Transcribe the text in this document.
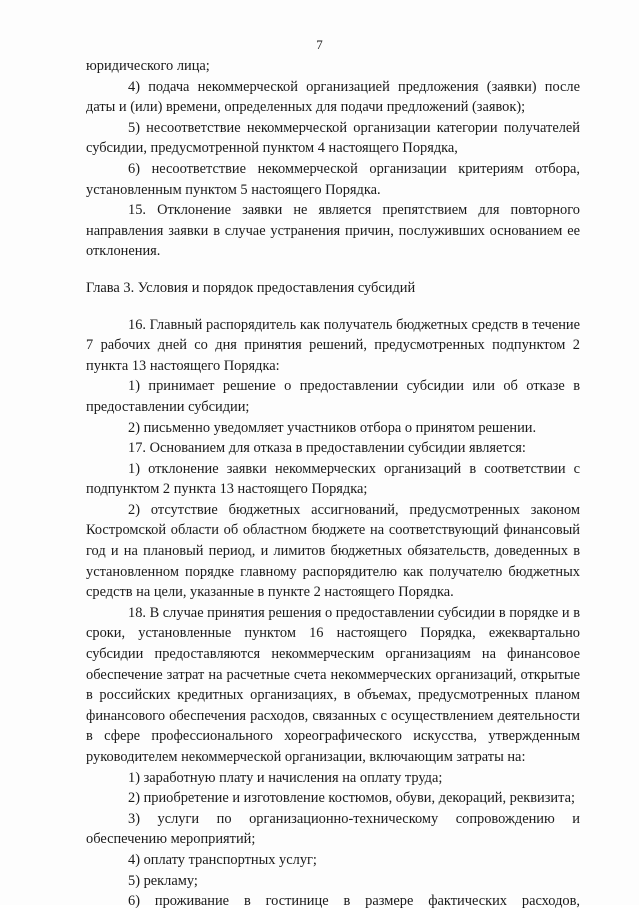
7

юридического лица;

4) подача некоммерческой организацией предложения (заявки) после даты и (или) времени, определенных для подачи предложений (заявок);

5) несоответствие некоммерческой организации категории получателей субсидии, предусмотренной пунктом 4 настоящего Порядка,

6) несоответствие некоммерческой организации критериям отбора, установленным пунктом 5 настоящего Порядка.

15. Отклонение заявки не является препятствием для повторного направления заявки в случае устранения причин, послуживших основанием ее отклонения.

Глава 3. Условия и порядок предоставления субсидий

16. Главный распорядитель как получатель бюджетных средств в течение 7 рабочих дней со дня принятия решений, предусмотренных подпунктом 2 пункта 13 настоящего Порядка:

1) принимает решение о предоставлении субсидии или об отказе в предоставлении субсидии;

2) письменно уведомляет участников отбора о принятом решении.

17. Основанием для отказа в предоставлении субсидии является:

1) отклонение заявки некоммерческих организаций в соответствии с подпунктом 2 пункта 13 настоящего Порядка;

2) отсутствие бюджетных ассигнований, предусмотренных законом Костромской области об областном бюджете на соответствующий финансовый год и на плановый период, и лимитов бюджетных обязательств, доведенных в установленном порядке главному распорядителю как получателю бюджетных средств на цели, указанные в пункте 2 настоящего Порядка.

18. В случае принятия решения о предоставлении субсидии в порядке и в сроки, установленные пунктом 16 настоящего Порядка, ежеквартально субсидии предоставляются некоммерческим организациям на финансовое обеспечение затрат на расчетные счета некоммерческих организаций, открытые в российских кредитных организациях, в объемах, предусмотренных планом финансового обеспечения расходов, связанных с осуществлением деятельности в сфере профессионального хореографического искусства, утвержденным руководителем некоммерческой организации, включающим затраты на:

1) заработную плату и начисления на оплату труда;

2) приобретение и изготовление костюмов, обуви, декораций, реквизита;

3) услуги по организационно-техническому сопровождению и обеспечению мероприятий;

4) оплату транспортных услуг;

5) рекламу;

6) проживание в гостинице в размере фактических расходов,
